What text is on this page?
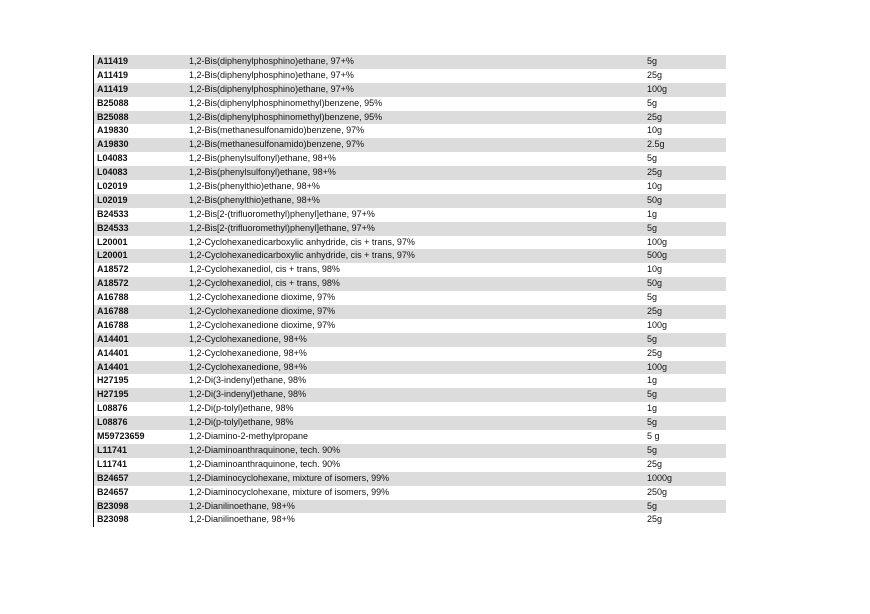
A11419	1,2-Bis(diphenylphosphino)ethane, 97+%	5g
A11419	1,2-Bis(diphenylphosphino)ethane, 97+%	25g
A11419	1,2-Bis(diphenylphosphino)ethane, 97+%	100g
B25088	1,2-Bis(diphenylphosphinomethyl)benzene, 95%	5g
B25088	1,2-Bis(diphenylphosphinomethyl)benzene, 95%	25g
A19830	1,2-Bis(methanesulfonamido)benzene, 97%	10g
A19830	1,2-Bis(methanesulfonamido)benzene, 97%	2.5g
L04083	1,2-Bis(phenylsulfonyl)ethane, 98+%	5g
L04083	1,2-Bis(phenylsulfonyl)ethane, 98+%	25g
L02019	1,2-Bis(phenylthio)ethane, 98+%	10g
L02019	1,2-Bis(phenylthio)ethane, 98+%	50g
B24533	1,2-Bis[2-(trifluoromethyl)phenyl]ethane, 97+%	1g
B24533	1,2-Bis[2-(trifluoromethyl)phenyl]ethane, 97+%	5g
L20001	1,2-Cyclohexanedicarboxylic anhydride, cis + trans, 97%	100g
L20001	1,2-Cyclohexanedicarboxylic anhydride, cis + trans, 97%	500g
A18572	1,2-Cyclohexanediol, cis + trans, 98%	10g
A18572	1,2-Cyclohexanediol, cis + trans, 98%	50g
A16788	1,2-Cyclohexanedione dioxime, 97%	5g
A16788	1,2-Cyclohexanedione dioxime, 97%	25g
A16788	1,2-Cyclohexanedione dioxime, 97%	100g
A14401	1,2-Cyclohexanedione, 98+%	5g
A14401	1,2-Cyclohexanedione, 98+%	25g
A14401	1,2-Cyclohexanedione, 98+%	100g
H27195	1,2-Di(3-indenyl)ethane, 98%	1g
H27195	1,2-Di(3-indenyl)ethane, 98%	5g
L08876	1,2-Di(p-tolyl)ethane, 98%	1g
L08876	1,2-Di(p-tolyl)ethane, 98%	5g
M59723659	1,2-Diamino-2-methylpropane	5 g
L11741	1,2-Diaminoanthraquinone, tech. 90%	5g
L11741	1,2-Diaminoanthraquinone, tech. 90%	25g
B24657	1,2-Diaminocyclohexane, mixture of isomers, 99%	1000g
B24657	1,2-Diaminocyclohexane, mixture of isomers, 99%	250g
B23098	1,2-Dianilinoethane, 98+%	5g
B23098	1,2-Dianilinoethane, 98+%	25g
